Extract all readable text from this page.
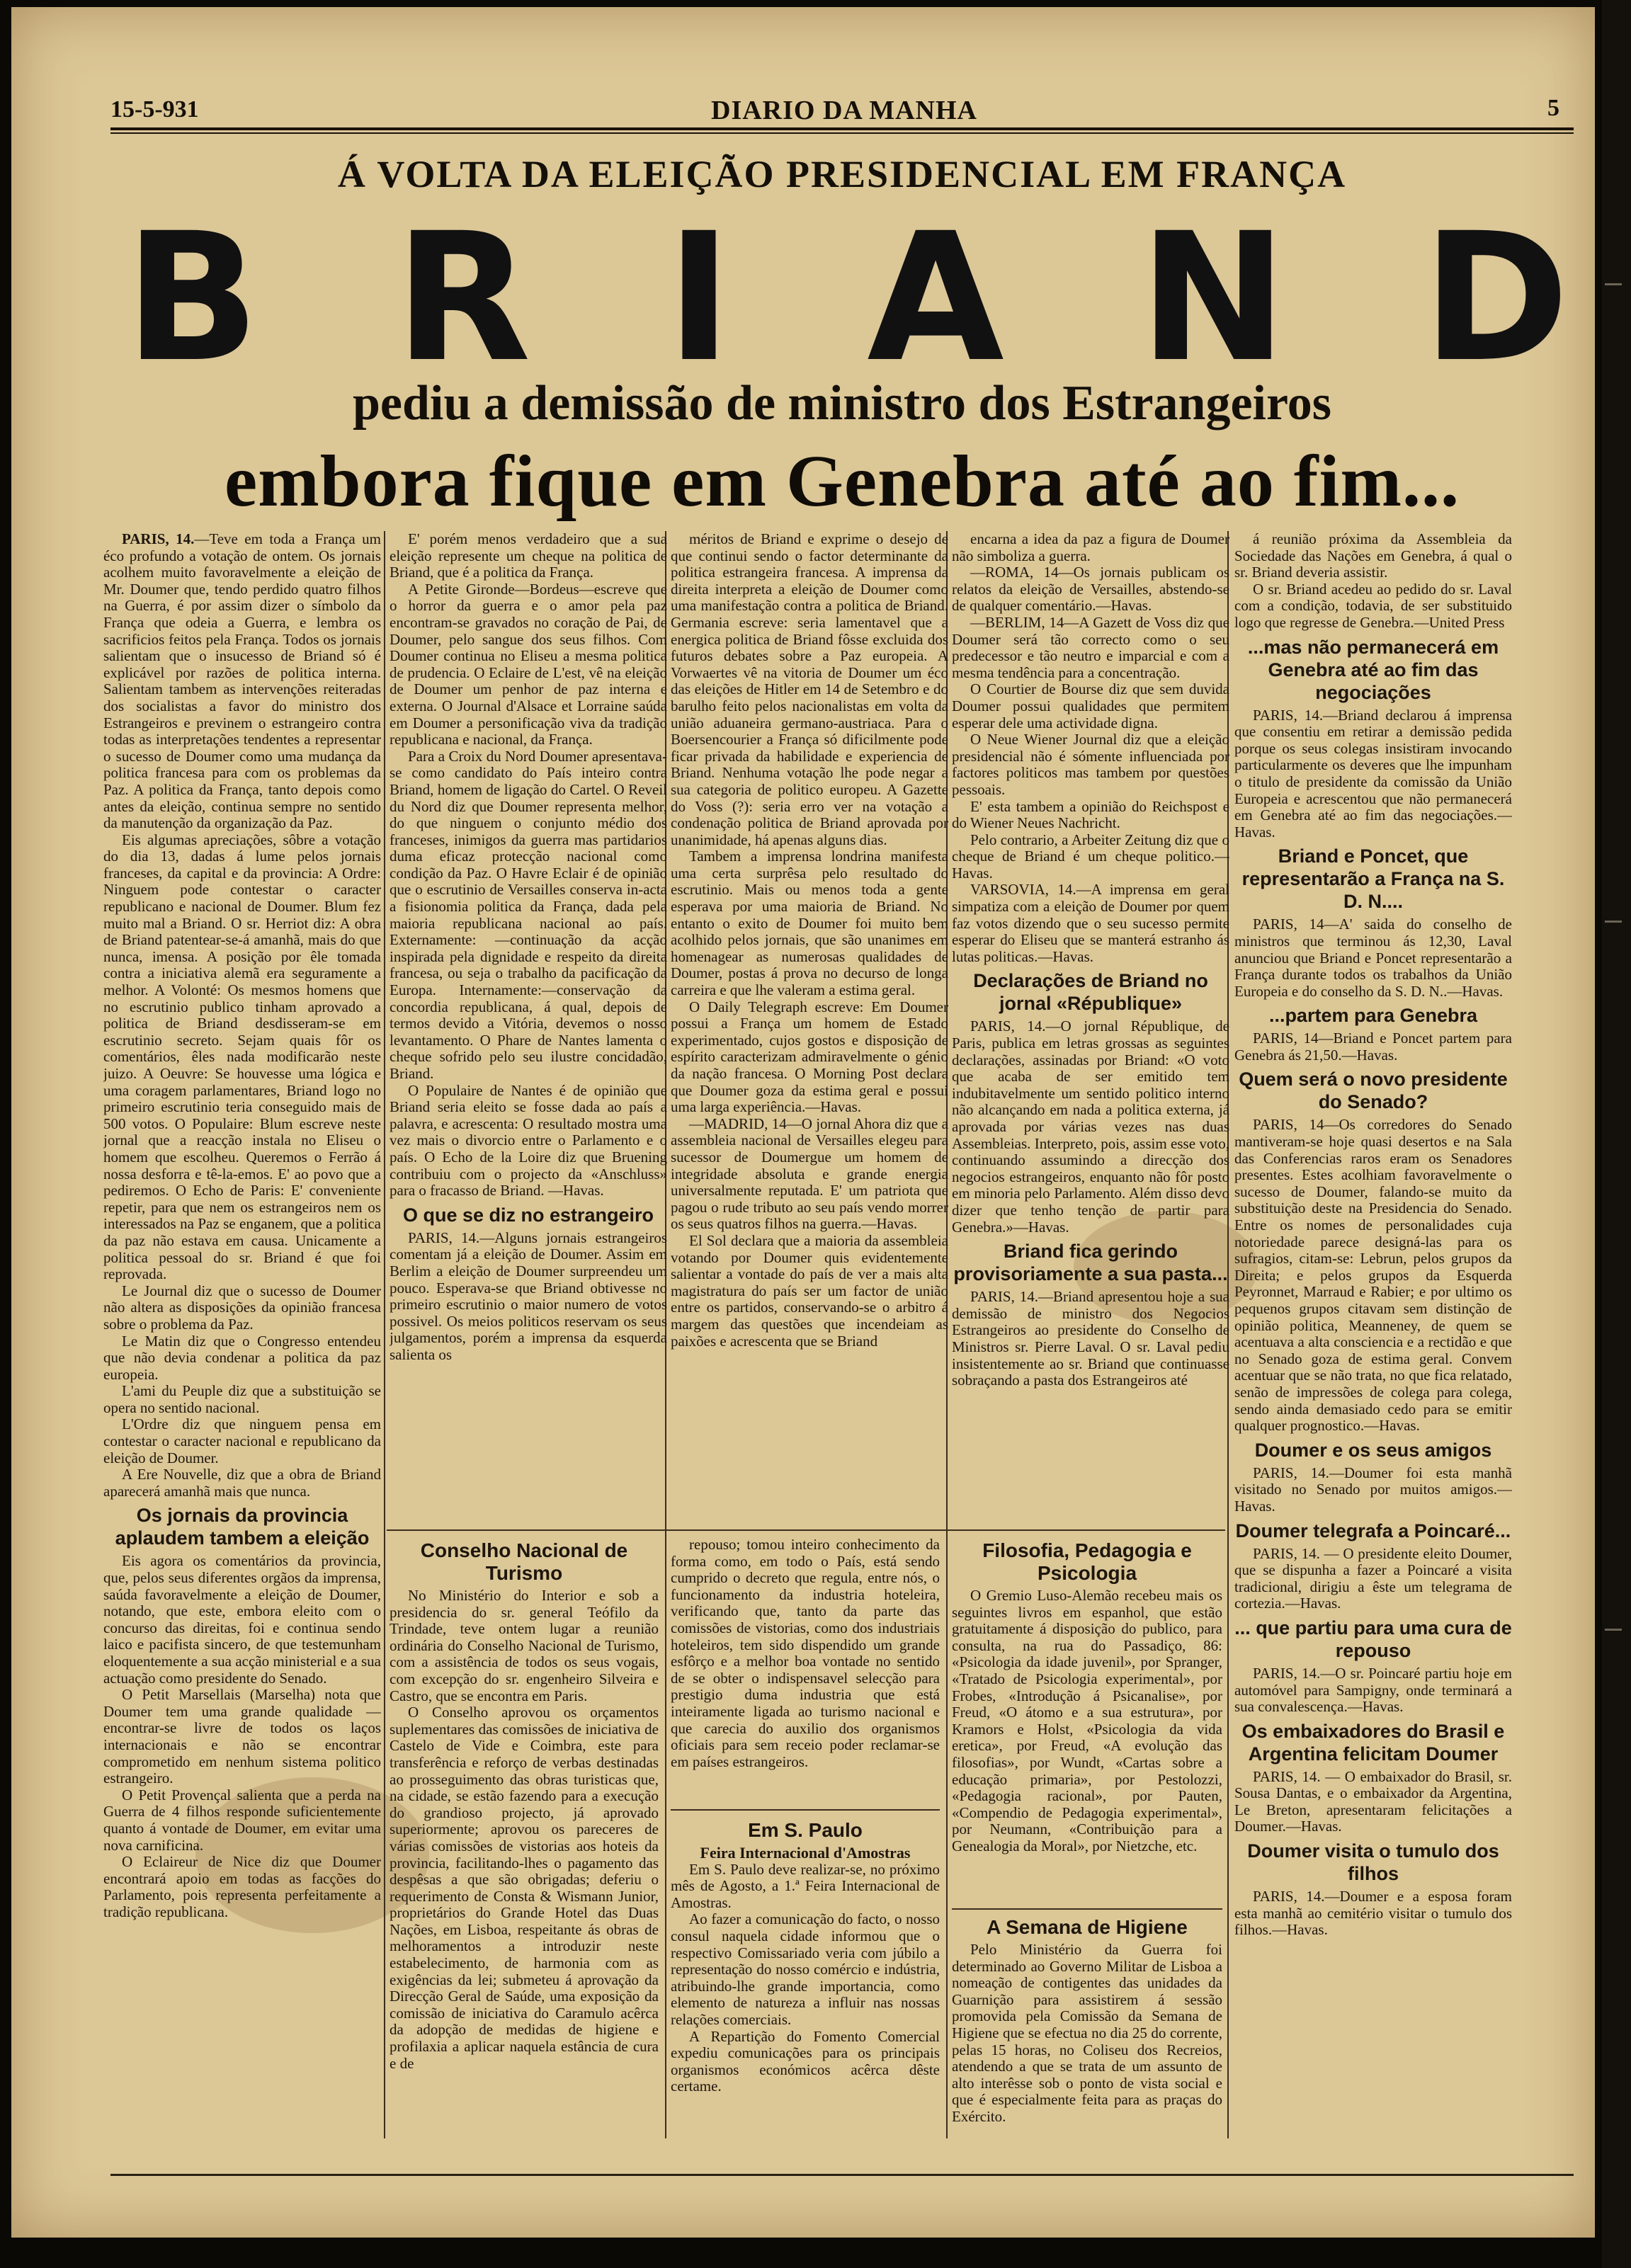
15-5-931	DIARIO DA MANHA	5
Á VOLTA DA ELEIÇÃO PRESIDENCIAL EM FRANÇA
B R I A N D
pediu a demissão de ministro dos Estrangeiros
embora fique em Genebra até ao fim...

PARIS, 14.—Teve em toda a França um éco profundo a votação de ontem. Os jornais acolhem muito favoravelmente a eleição de Mr. Doumer que, tendo perdido quatro filhos na Guerra, é por assim dizer o símbolo da França que odeia a Guerra, e lembra os sacrificios feitos pela França. Todos os jornais salientam que o insucesso de Briand só é explicável por razões de politica interna. Salientam tambem as intervenções reiteradas dos socialistas a favor do ministro dos Estrangeiros e previnem o estrangeiro contra todas as interpretações tendentes a representar o sucesso de Doumer como uma mudança da politica francesa para com os problemas da Paz. A politica da França, tanto depois como antes da eleição, continua sempre no sentido da manutenção da organização da Paz.

Eis algumas apreciações, sôbre a votação do dia 13, dadas á lume pelos jornais franceses, da capital e da provincia: A Ordre: Ninguem pode contestar o caracter republicano e nacional de Doumer. Blum fez muito mal a Briand. O sr. Herriot diz: A obra de Briand patentear-se-á amanhã, mais do que nunca, imensa. A posição por êle tomada contra a iniciativa alemã era seguramente a melhor. A Volonté: Os mesmos homens que no escrutinio publico tinham aprovado a politica de Briand desdisseram-se em escrutinio secreto. Sejam quais fôr os comentários, êles nada modificarão neste juizo. A Oeuvre: Se houvesse uma lógica e uma coragem parlamentares, Briand logo no primeiro escrutinio teria conseguido mais de 500 votos. O Populaire: Blum escreve neste jornal que a reacção instala no Eliseu o homem que escolheu. Queremos o Ferrão á nossa desforra e tê-la-emos. E' ao povo que a pediremos. O Echo de Paris: E' conveniente repetir, para que nem os estrangeiros nem os interessados na Paz se enganem, que a politica da paz não estava em causa. Unicamente a politica pessoal do sr. Briand é que foi reprovada.

Le Journal diz que o sucesso de Doumer não altera as disposições da opinião francesa sobre o problema da Paz.

Le Matin diz que o Congresso entendeu que não devia condenar a politica da paz europeia.

L'ami du Peuple diz que a substituição se opera no sentido nacional.

L'Ordre diz que ninguem pensa em contestar o caracter nacional e republicano da eleição de Doumer.

A Ere Nouvelle, diz que a obra de Briand aparecerá amanhã mais que nunca.

Os jornais da provincia aplaudem tambem a eleição

Eis agora os comentários da provincia, que, pelos seus diferentes orgãos da imprensa, saúda favoravelmente a eleição de Doumer, notando, que este, embora eleito com o concurso das direitas, foi e continua sendo laico e pacifista sincero, de que testemunham eloquentemente a sua acção ministerial e a sua actuação como presidente do Senado.

O Petit Marsellais (Marselha) nota que Doumer tem uma grande qualidade —encontrar-se livre de todos os laços internacionais e não se encontrar comprometido em nenhum sistema politico estrangeiro.

O Petit Provençal salienta que a perda na Guerra de 4 filhos responde suficientemente quanto á vontade de Doumer, em evitar uma nova carnificina.

O Eclaireur de Nice diz que Doumer encontrará apoio em todas as facções do Parlamento, pois representa perfeitamente a tradição republicana.

E' porém menos verdadeiro que a sua eleição represente um cheque na politica de Briand, que é a politica da França.

A Petite Gironde—Bordeus—escreve que o horror da guerra e o amor pela paz encontram-se gravados no coração de Pai, de Doumer, pelo sangue dos seus filhos. Com Doumer continua no Eliseu a mesma politica de prudencia. O Eclaire de L'est, vê na eleição de Doumer um penhor de paz interna e externa. O Journal d'Alsace et Lorraine saúda em Doumer a personificação viva da tradição republicana e nacional, da França.

Para a Croix du Nord Doumer apresentava-se como candidato do País inteiro contra Briand, homem de ligação do Cartel. O Reveil du Nord diz que Doumer representa melhor, do que ninguem o conjunto médio dos franceses, inimigos da guerra mas partidarios duma eficaz protecção nacional como condição da Paz. O Havre Eclair é de opinião que o escrutinio de Versailles conserva in-acta a fisionomia politica da França, dada pela maioria republicana nacional ao país. Externamente: —continuação da acção inspirada pela dignidade e respeito da direita francesa, ou seja o trabalho da pacificação da Europa. Internamente:—conservação da concordia republicana, á qual, depois de termos devido a Vitória, devemos o nosso levantamento. O Phare de Nantes lamenta o cheque sofrido pelo seu ilustre concidadão, Briand.

O Populaire de Nantes é de opinião que Briand seria eleito se fosse dada ao país a palavra, e acrescenta: O resultado mostra uma vez mais o divorcio entre o Parlamento e o país. O Echo de la Loire diz que Bruening contribuiu com o projecto da «Anschluss» para o fracasso de Briand. —Havas.

O que se diz no estrangeiro

PARIS, 14.—Alguns jornais estrangeiros comentam já a eleição de Doumer. Assim em Berlim a eleição de Doumer surpreendeu um pouco. Esperava-se que Briand obtivesse no primeiro escrutinio o maior numero de votos possivel. Os meios politicos reservam os seus julgamentos, porém a imprensa da esquerda salienta os

méritos de Briand e exprime o desejo de que continui sendo o factor determinante da politica estrangeira francesa. A imprensa da direita interpreta a eleição de Doumer como uma manifestação contra a politica de Briand. Germania escreve: seria lamentavel que a energica politica de Briand fôsse excluida dos futuros debates sobre a Paz europeia. A Vorwaertes vê na vitoria de Doumer um éco das eleições de Hitler em 14 de Setembro e do barulho feito pelos nacionalistas em volta da união aduaneira germano-austriaca. Para o Boersencourier a França só dificilmente pode ficar privada da habilidade e experiencia de Briand. Nenhuma votação lhe pode negar a sua categoria de politico europeu. A Gazette do Voss (?): seria erro ver na votação a condenação politica de Briand aprovada por unanimidade, há apenas alguns dias.

Tambem a imprensa londrina manifesta uma certa surprêsa pelo resultado do escrutinio. Mais ou menos toda a gente esperava por uma maioria de Briand. No entanto o exito de Doumer foi muito bem acolhido pelos jornais, que são unanimes em homenagear as numerosas qualidades de Doumer, postas á prova no decurso de longa carreira e que lhe valeram a estima geral.

O Daily Telegraph escreve: Em Doumer possui a França um homem de Estado experimentado, cujos gostos e disposição de espírito caracterizam admiravelmente o génio da nação francesa. O Morning Post declara que Doumer goza da estima geral e possui uma larga experiência.—Havas.

—MADRID, 14—O jornal Ahora diz que a assembleia nacional de Versailles elegeu para sucessor de Doumergue um homem de integridade absoluta e grande energia universalmente reputada. E' um patriota que pagou o rude tributo ao seu país vendo morrer os seus quatros filhos na guerra.—Havas.

El Sol declara que a maioria da assembleia votando por Doumer quis evidentemente salientar a vontade do país de ver a mais alta magistratura do país ser um factor de união entre os partidos, conservando-se o arbitro á margem das questões que incendeiam as paixões e acrescenta que se Briand

encarna a idea da paz a figura de Doumer não simboliza a guerra.

—ROMA, 14—Os jornais publicam os relatos da eleição de Versailles, abstendo-se de qualquer comentário.—Havas.

—BERLIM, 14—A Gazett de Voss diz que Doumer será tão correcto como o seu predecessor e tão neutro e imparcial e com a mesma tendência para a concentração.

O Courtier de Bourse diz que sem duvida Doumer possui qualidades que permitem esperar dele uma actividade digna.

O Neue Wiener Journal diz que a eleição presidencial não é sómente influenciada por factores politicos mas tambem por questões pessoais.

E' esta tambem a opinião do Reichspost e do Wiener Neues Nachricht.

Pelo contrario, a Arbeiter Zeitung diz que o cheque de Briand é um cheque politico.—Havas.

VARSOVIA, 14.—A imprensa em geral simpatiza com a eleição de Doumer por quem faz votos dizendo que o seu sucesso permite esperar do Eliseu que se manterá estranho ás lutas politicas.—Havas.

Declarações de Briand no jornal «République»

PARIS, 14.—O jornal République, de Paris, publica em letras grossas as seguintes declarações, assinadas por Briand: «O voto que acaba de ser emitido tem indubitavelmente um sentido politico interno não alcançando em nada a politica externa, já aprovada por várias vezes nas duas Assembleias. Interpreto, pois, assim esse voto, continuando assumindo a direcção dos negocios estrangeiros, enquanto não fôr posto em minoria pelo Parlamento. Além disso devo dizer que tenho tenção de partir para Genebra.»—Havas.

Briand fica gerindo provisoriamente a sua pasta...

PARIS, 14.—Briand apresentou hoje a sua demissão de ministro dos Negocios Estrangeiros ao presidente do Conselho de Ministros sr. Pierre Laval. O sr. Laval pediu insistentemente ao sr. Briand que continuasse sobraçando a pasta dos Estrangeiros até

á reunião próxima da Assembleia da Sociedade das Nações em Genebra, á qual o sr. Briand deveria assistir.

O sr. Briand acedeu ao pedido do sr. Laval com a condição, todavia, de ser substituido logo que regresse de Genebra.—United Press

...mas não permanecerá em Genebra até ao fim das negociações

PARIS, 14.—Briand declarou á imprensa que consentiu em retirar a demissão pedida porque os seus colegas insistiram invocando particularmente os deveres que lhe impunham o titulo de presidente da comissão da União Europeia e acrescentou que não permanecerá em Genebra até ao fim das negociações.—Havas.

Briand e Poncet, que representarão a França na S. D. N....

PARIS, 14—A' saida do conselho de ministros que terminou ás 12,30, Laval anunciou que Briand e Poncet representarão a França durante todos os trabalhos da União Europeia e do conselho da S. D. N..—Havas.

...partem para Genebra

PARIS, 14—Briand e Poncet partem para Genebra ás 21,50.—Havas.

Quem será o novo presidente do Senado?

PARIS, 14—Os corredores do Senado mantiveram-se hoje quasi desertos e na Sala das Conferencias raros eram os Senadores presentes. Estes acolhiam favoravelmente o sucesso de Doumer, falando-se muito da substituição deste na Presidencia do Senado. Entre os nomes de personalidades cuja notoriedade parece designá-las para os sufragios, citam-se: Lebrun, pelos grupos da Direita; e pelos grupos da Esquerda Peyronnet, Marraud e Rabier; e por ultimo os pequenos grupos citavam sem distinção de opinião politica, Meanneney, de quem se acentuava a alta consciencia e a rectidão e que no Senado goza de estima geral. Convem acentuar que se não trata, no que fica relatado, senão de impressões de colega para colega, sendo ainda demasiado cedo para se emitir qualquer prognostico.—Havas.

Doumer e os seus amigos

PARIS, 14.—Doumer foi esta manhã visitado no Senado por muitos amigos.—Havas.

Doumer telegrafa a Poincaré...

PARIS, 14. — O presidente eleito Doumer, que se dispunha a fazer a Poincaré a visita tradicional, dirigiu a êste um telegrama de cortezia.—Havas.

... que partiu para uma cura de repouso

PARIS, 14.—O sr. Poincaré partiu hoje em automóvel para Sampigny, onde terminará a sua convalescença.—Havas.

Os embaixadores do Brasil e Argentina felicitam Doumer

PARIS, 14. — O embaixador do Brasil, sr. Sousa Dantas, e o embaixador da Argentina, Le Breton, apresentaram felicitações a Doumer.—Havas.

Doumer visita o tumulo dos filhos

PARIS, 14.—Doumer e a esposa foram esta manhã ao cemitério visitar o tumulo dos filhos.—Havas.

Conselho Nacional de Turismo

No Ministério do Interior e sob a presidencia do sr. general Teófilo da Trindade, teve ontem lugar a reunião ordinária do Conselho Nacional de Turismo, com a assistência de todos os seus vogais, com excepção do sr. engenheiro Silveira e Castro, que se encontra em Paris.

O Conselho aprovou os orçamentos suplementares das comissões de iniciativa de Castelo de Vide e Coimbra, este para transferência e reforço de verbas destinadas ao prosseguimento das obras turisticas que, na cidade, se estão fazendo para a execução do grandioso projecto, já aprovado superiormente; aprovou os pareceres de várias comissões de vistorias aos hoteis da provincia, facilitando-lhes o pagamento das despêsas a que são obrigadas; deferiu o requerimento de Consta & Wismann Junior, proprietários do Grande Hotel das Duas Nações, em Lisboa, respeitante ás obras de melhoramentos a introduzir neste estabelecimento, de harmonia com as exigências da lei; submeteu á aprovação da Direcção Geral de Saúde, uma exposição da comissão de iniciativa do Caramulo acêrca da adopção de medidas de higiene e profilaxia a aplicar naquela estância de cura e de

repouso; tomou inteiro conhecimento da forma como, em todo o País, está sendo cumprido o decreto que regula, entre nós, o funcionamento da industria hoteleira, verificando que, tanto da parte das comissões de vistorias, como dos industriais hoteleiros, tem sido dispendido um grande esfôrço e a melhor boa vontade no sentido de se obter o indispensavel selecção para prestigio duma industria que está inteiramente ligada ao turismo nacional e que carecia do auxilio dos organismos oficiais para sem receio poder reclamar-se em países estrangeiros.

Em S. Paulo
Feira Internacional d'Amostras

Em S. Paulo deve realizar-se, no próximo mês de Agosto, a 1.ª Feira Internacional de Amostras.

Ao fazer a comunicação do facto, o nosso consul naquela cidade informou que o respectivo Comissariado veria com júbilo a representação do nosso comércio e indústria, atribuindo-lhe grande importancia, como elemento de natureza a influir nas nossas relações comerciais.

A Repartição do Fomento Comercial expediu comunicações para os principais organismos económicos acêrca dêste certame.

Filosofia, Pedagogia e Psicologia

O Gremio Luso-Alemão recebeu mais os seguintes livros em espanhol, que estão gratuitamente á disposição do publico, para consulta, na rua do Passadiço, 86: «Psicologia da idade juvenil», por Spranger, «Tratado de Psicologia experimental», por Frobes, «Introdução á Psicanalise», por Freud, «O átomo e a sua estrutura», por Kramors e Holst, «Psicologia da vida eretica», por Freud, «A evolução das filosofias», por Wundt, «Cartas sobre a educação primaria», por Pestolozzi, «Pedagogia racional», por Pauten, «Compendio de Pedagogia experimental», por Neumann, «Contribuição para a Genealogia da Moral», por Nietzche, etc.

A Semana de Higiene

Pelo Ministério da Guerra foi determinado ao Governo Militar de Lisboa a nomeação de contigentes das unidades da Guarnição para assistirem á sessão promovida pela Comissão da Semana de Higiene que se efectua no dia 25 do corrente, pelas 15 horas, no Coliseu dos Recreios, atendendo a que se trata de um assunto de alto interêsse sob o ponto de vista social e que é especialmente feita para as praças do Exército.
